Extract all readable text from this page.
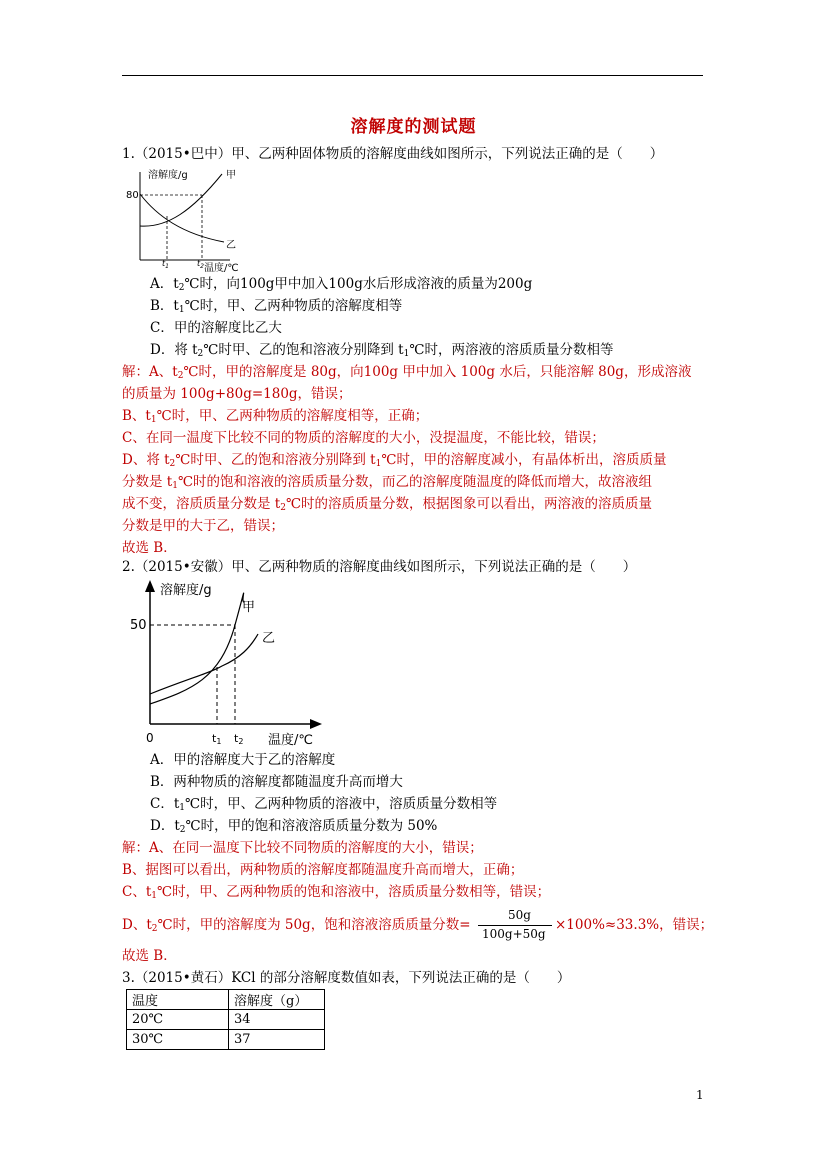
溶解度的测试题
1.（2015•巴中）甲、乙两种固体物质的溶解度曲线如图所示，下列说法正确的是（　　）
溶解度/g
80
甲
乙
$t_1$	$t_2$ 温度/℃
A．$t_2℃$时，向100g甲中加入100g水后形成溶液的质量为200g
B．$t_1℃$时，甲、乙两种物质的溶解度相等
C．甲的溶解度比乙大
D．将 $t_2℃$时甲、乙的饱和溶液分别降到 $t_1℃$时，两溶液的溶质质量分数相等
解：A、$t_2℃$时，甲的溶解度是 80g，向100g 甲中加入 100g 水后，只能溶解 80g，形成溶液
的质量为 100g+80g=180g，错误；
B、$t_1℃$时，甲、乙两种物质的溶解度相等，正确；
C、在同一温度下比较不同的物质的溶解度的大小，没提温度，不能比较，错误；
D、将 $t_2℃$时甲、乙的饱和溶液分别降到 $t_1℃$时，甲的溶解度减小，有晶体析出，溶质质量
分数是 $t_1℃$时的饱和溶液的溶质质量分数，而乙的溶解度随温度的降低而增大，故溶液组
成不变，溶质质量分数是 $t_2℃$时的溶质质量分数，根据图象可以看出，两溶液的溶质质量
分数是甲的大于乙，错误；
故选 B．
2.（2015•安徽）甲、乙两种物质的溶解度曲线如图所示，下列说法正确的是（　　）
溶解度/g
50
甲
乙
0	t1 t2 温度/℃
A．甲的溶解度大于乙的溶解度
B．两种物质的溶解度都随温度升高而增大
C．$t_1℃$时，甲、乙两种物质的溶液中，溶质质量分数相等
D．$t_2℃$时，甲的饱和溶液溶质质量分数为 50%
解：A、在同一温度下比较不同物质的溶解度的大小，错误；
B、据图可以看出，两种物质的溶解度都随温度升高而增大，正确；
C、$t_1℃$时，甲、乙两种物质的饱和溶液中，溶质质量分数相等，错误；
D、$t_2℃$时，甲的溶解度为 50g，饱和溶液溶质质量分数=
50g
100g+50g
×100%≈33.3%，错误；
故选 B．
3.（2015•黄石）KCl 的部分溶解度数值如表，下列说法正确的是（　　）
温度	溶解度（g）
20℃	34
30℃	37
1
